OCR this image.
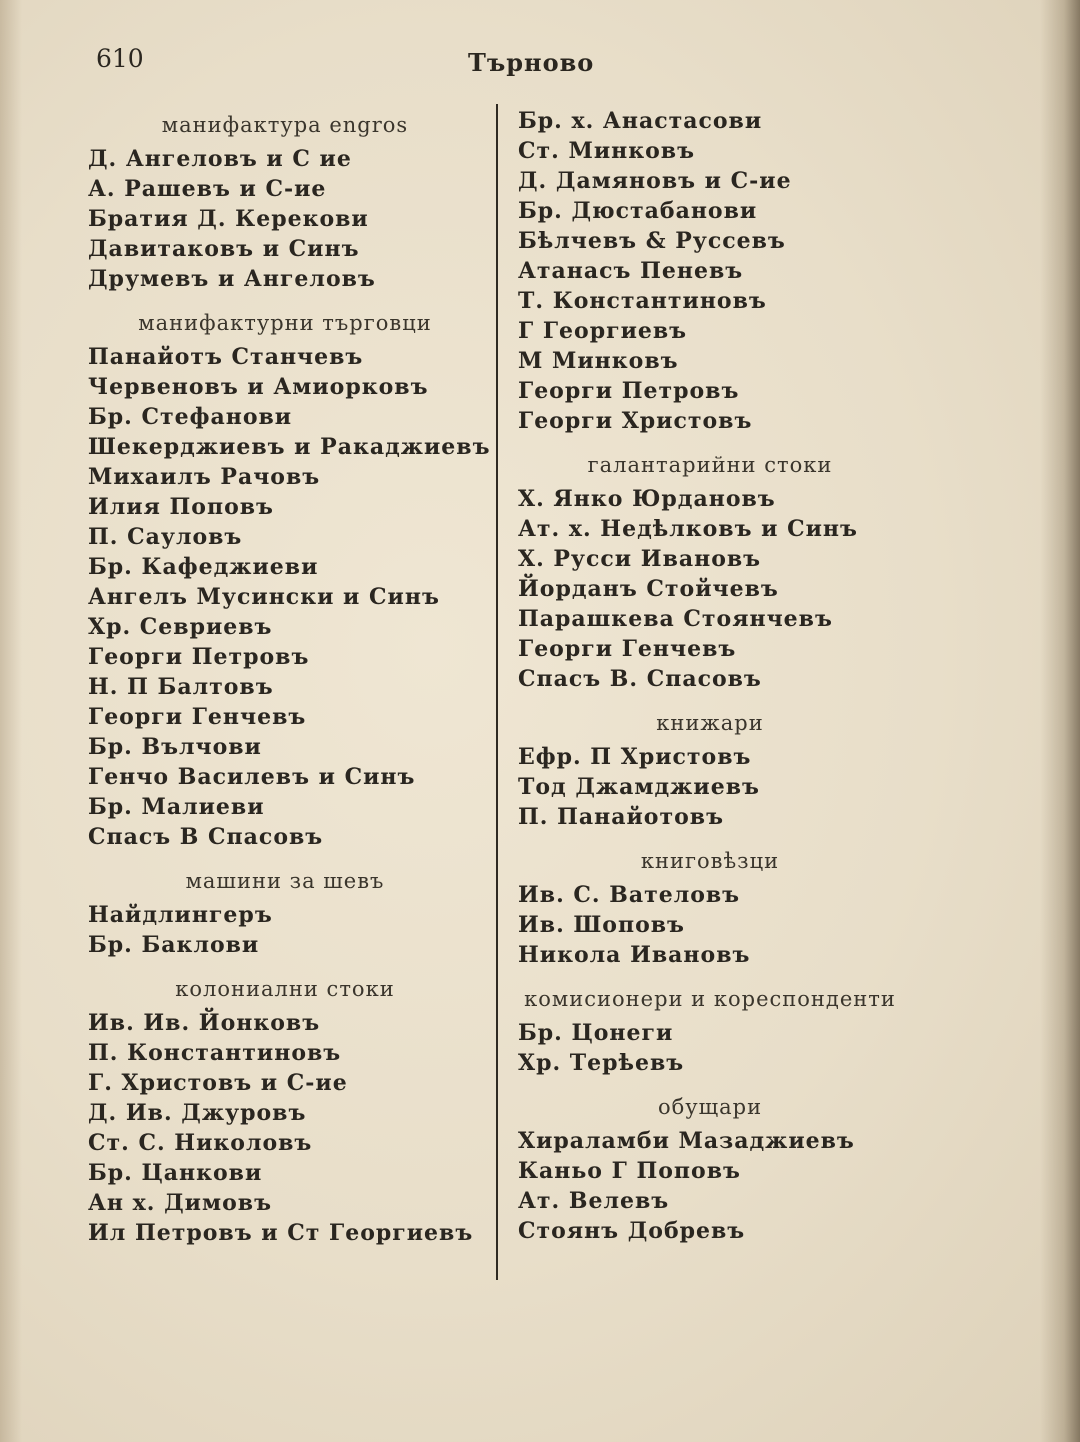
610	Търново
манифактура engros
Д. Ангеловъ и С ие
А. Рашевъ и С-ие
Братия Д. Керекови
Давитаковъ и Синъ
Друмевъ и Ангеловъ
манифактурни търговци
Панайотъ Станчевъ
Червеновъ и Амиорковъ
Бр. Стефанови
Шекерджиевъ и Ракаджиевъ
Михаилъ Рачовъ
Илия Поповъ
П. Сауловъ
Бр. Кафеджиеви
Ангелъ Мусински и Синъ
Хр. Севриевъ
Георги Петровъ
Н. П Балтовъ
Георги Генчевъ
Бр. Вълчови
Генчо Василевъ и Синъ
Бр. Малиеви
Спасъ В Спасовъ
машини за шевъ
Найдлингеръ
Бр. Баклови
колониални стоки
Ив. Ив. Йонковъ
П. Константиновъ
Г. Христовъ и С-ие
Д. Ив. Джуровъ
Ст. С. Николовъ
Бр. Цанкови
Ан х. Димовъ
Ил Петровъ и Ст Георгиевъ
Бр. х. Анастасови
Ст. Минковъ
Д. Дамяновъ и С-ие
Бр. Дюстабанови
Бѣлчевъ & Руссевъ
Атанасъ Пеневъ
Т. Константиновъ
Г Георгиевъ
М Минковъ
Георги Петровъ
Георги Христовъ
галантарийни стоки
Х. Янко Юрдановъ
Ат. х. Недѣлковъ и Синъ
Х. Русси Ивановъ
Йорданъ Стойчевъ
Парашкева Стоянчевъ
Георги Генчевъ
Спасъ В. Спасовъ
книжари
Ефр. П Христовъ
Тод Джамджиевъ
П. Панайотовъ
книговѣзци
Ив. С. Вателовъ
Ив. Шоповъ
Никола Ивановъ
комисионери и кореспонденти
Бр. Цонеги
Хр. Терѣевъ
обущари
Хираламби Мазаджиевъ
Каньо Г Поповъ
Ат. Велевъ
Стоянъ Добревъ
